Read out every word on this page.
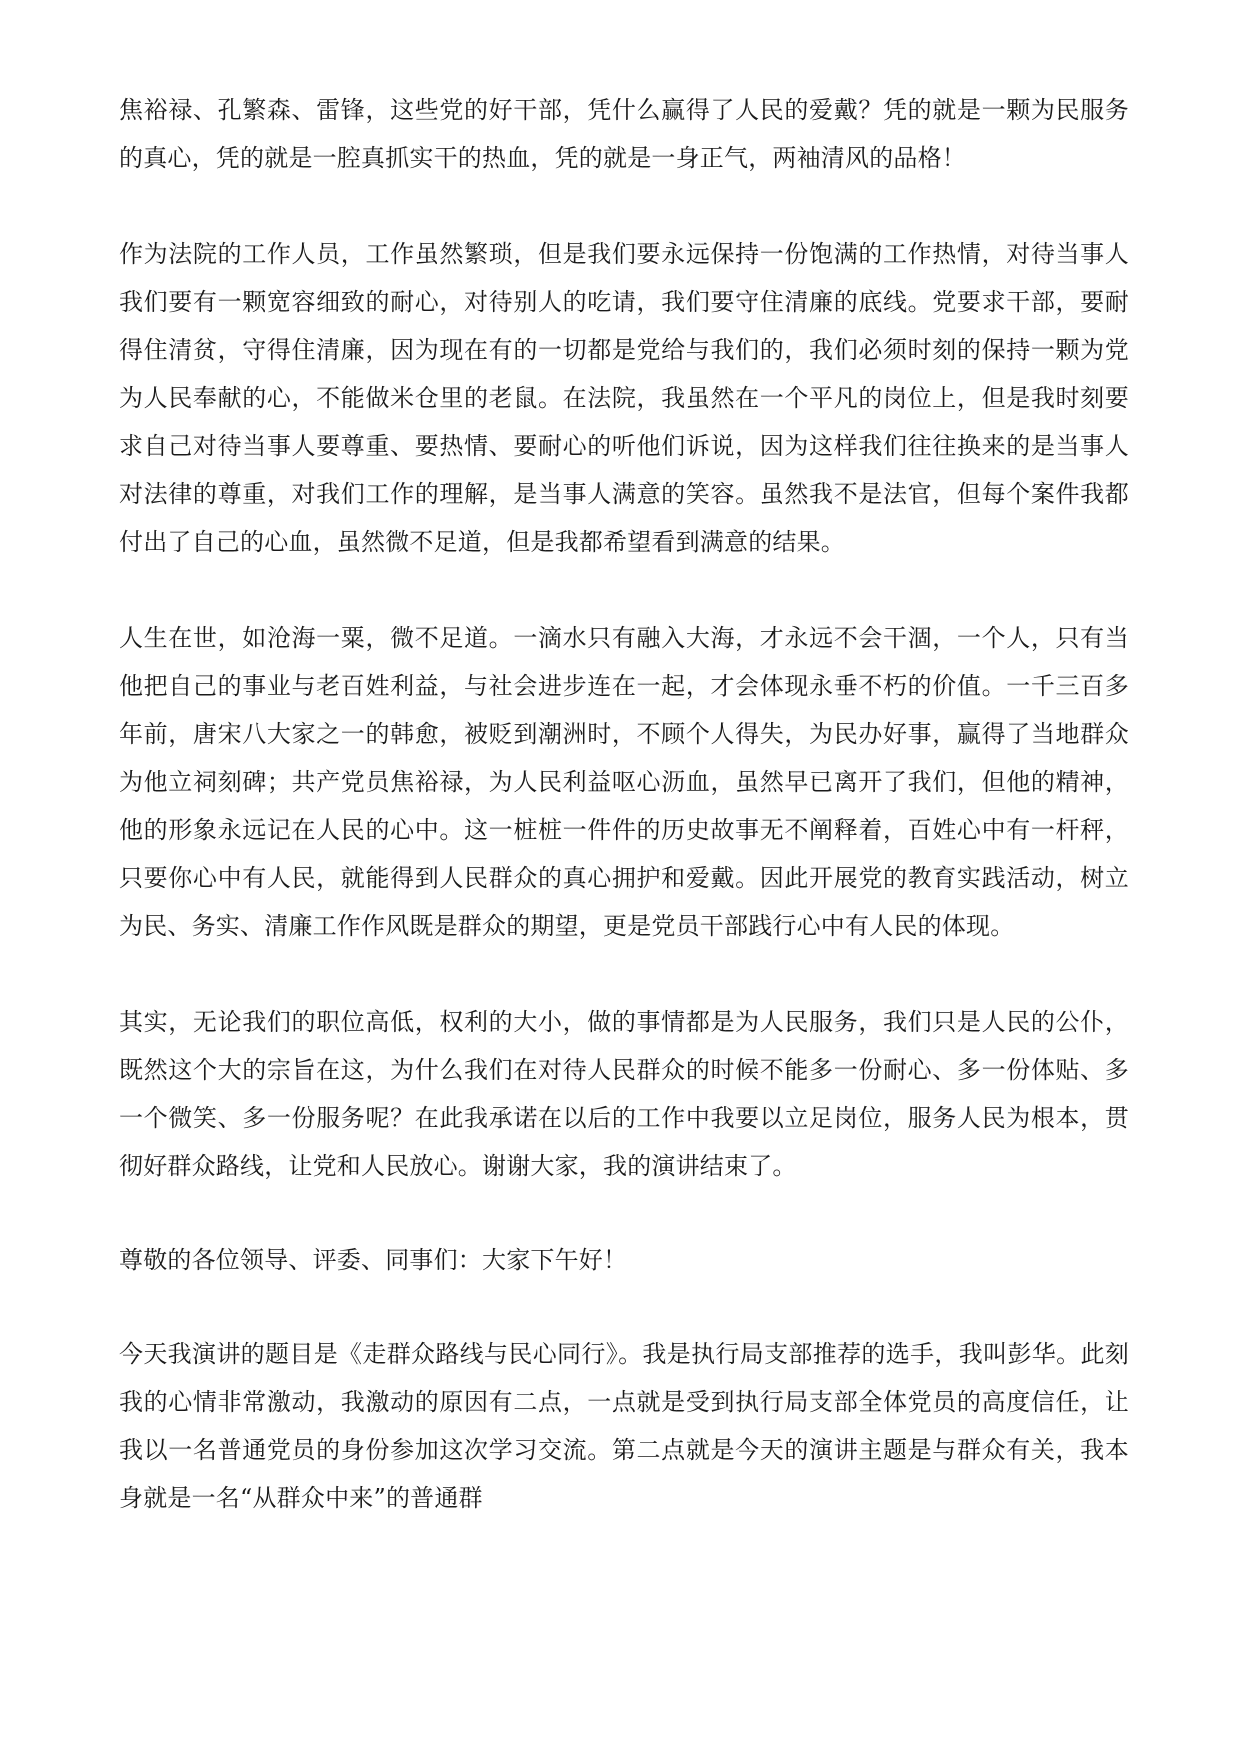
焦裕禄、孔繁森、雷锋，这些党的好干部，凭什么赢得了人民的爱戴？凭的就是一颗为民服务的真心，凭的就是一腔真抓实干的热血，凭的就是一身正气，两袖清风的品格！

作为法院的工作人员，工作虽然繁琐，但是我们要永远保持一份饱满的工作热情，对待当事人我们要有一颗宽容细致的耐心，对待别人的吃请，我们要守住清廉的底线。党要求干部，要耐得住清贫，守得住清廉，因为现在有的一切都是党给与我们的，我们必须时刻的保持一颗为党为人民奉献的心，不能做米仓里的老鼠。在法院，我虽然在一个平凡的岗位上，但是我时刻要求自己对待当事人要尊重、要热情、要耐心的听他们诉说，因为这样我们往往换来的是当事人对法律的尊重，对我们工作的理解，是当事人满意的笑容。虽然我不是法官，但每个案件我都付出了自己的心血，虽然微不足道，但是我都希望看到满意的结果。

人生在世，如沧海一粟，微不足道。一滴水只有融入大海，才永远不会干涸，一个人，只有当他把自己的事业与老百姓利益，与社会进步连在一起，才会体现永垂不朽的价值。一千三百多年前，唐宋八大家之一的韩愈，被贬到潮洲时，不顾个人得失，为民办好事，赢得了当地群众为他立祠刻碑；共产党员焦裕禄，为人民利益呕心沥血，虽然早已离开了我们，但他的精神，他的形象永远记在人民的心中。这一桩桩一件件的历史故事无不阐释着，百姓心中有一杆秤，只要你心中有人民，就能得到人民群众的真心拥护和爱戴。因此开展党的教育实践活动，树立为民、务实、清廉工作作风既是群众的期望，更是党员干部践行心中有人民的体现。

其实，无论我们的职位高低，权利的大小，做的事情都是为人民服务，我们只是人民的公仆，既然这个大的宗旨在这，为什么我们在对待人民群众的时候不能多一份耐心、多一份体贴、多一个微笑、多一份服务呢？在此我承诺在以后的工作中我要以立足岗位，服务人民为根本，贯彻好群众路线，让党和人民放心。谢谢大家，我的演讲结束了。

尊敬的各位领导、评委、同事们：大家下午好！

今天我演讲的题目是《走群众路线与民心同行》。我是执行局支部推荐的选手，我叫彭华。此刻我的心情非常激动，我激动的原因有二点，一点就是受到执行局支部全体党员的高度信任，让我以一名普通党员的身份参加这次学习交流。第二点就是今天的演讲主题是与群众有关，我本身就是一名“从群众中来”的普通群
